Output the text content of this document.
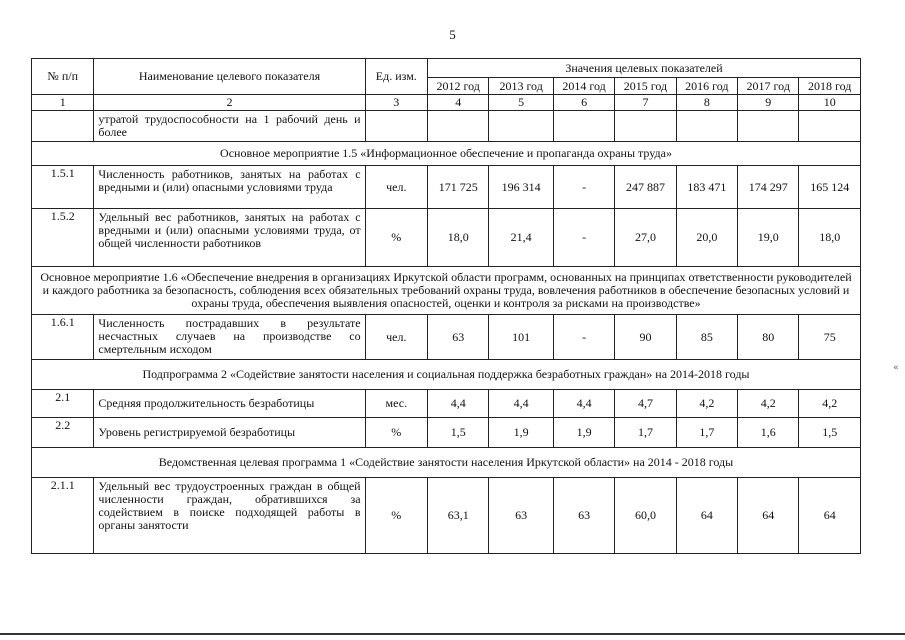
5
№ п/п	Наименование целевого показателя	Ед. изм.	Значения целевых показателей						
			2012 год	2013 год	2014 год	2015 год	2016 год	2017 год	2018 год
1	2	3	4	5	6	7	8	9	10
	утратой трудоспособности на 1 рабочий день и более								
Основное мероприятие 1.5 «Информационное обеспечение и пропаганда охраны труда»									
1.5.1	Численность работников, занятых на работах с вредными и (или) опасными условиями труда	чел.	171 725	196 314	-	247 887	183 471	174 297	165 124
1.5.2	Удельный вес работников, занятых на работах с вредными и (или) опасными условиями труда, от общей численности работников	%	18,0	21,4	-	27,0	20,0	19,0	18,0
Основное мероприятие 1.6 «Обеспечение внедрения в организациях Иркутской области программ, основанных на принципах ответственности руководителей и каждого работника за безопасность, соблюдения всех обязательных требований охраны труда, вовлечения работников в обеспечение безопасных условий и охраны труда, обеспечения выявления опасностей, оценки и контроля за рисками на производстве»									
1.6.1	Численность пострадавших в результате несчастных случаев на производстве со смертельным исходом	чел.	63	101	-	90	85	80	75
Подпрограмма 2 «Содействие занятости населения и социальная поддержка безработных граждан» на 2014-2018 годы									
2.1	Средняя продолжительность безработицы	мес.	4,4	4,4	4,4	4,7	4,2	4,2	4,2
2.2	Уровень регистрируемой безработицы	%	1,5	1,9	1,9	1,7	1,7	1,6	1,5
Ведомственная целевая программа 1 «Содействие занятости населения Иркутской области» на 2014 - 2018 годы									
2.1.1	Удельный вес трудоустроенных граждан в общей численности граждан, обратившихся за содействием в поиске подходящей работы в органы занятости	%	63,1	63	63	60,0	64	64	64
«
